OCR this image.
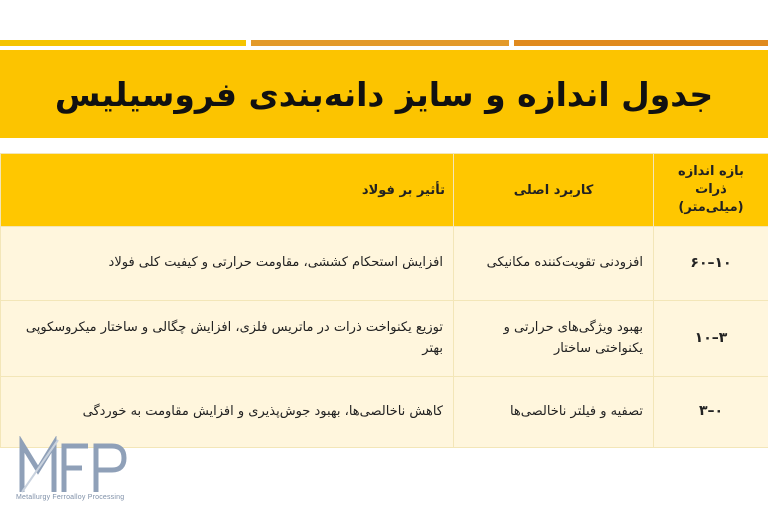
جدول اندازه و سایز دانه‌بندی فروسیلیس
بازه اندازه ذرات (میلی‌متر)	کاربرد اصلی	تأثیر بر فولاد
۱۰–۶۰	افزودنی تقویت‌کننده مکانیکی	افزایش استحکام کششی، مقاومت حرارتی و کیفیت کلی فولاد
۳–۱۰	بهبود ویژگی‌های حرارتی و یکنواختی ساختار	توزیع یکنواخت ذرات در ماتریس فلزی، افزایش چگالی و ساختار میکروسکوپی بهتر
۰–۳	تصفیه و فیلتر ناخالصی‌ها	کاهش ناخالصی‌ها، بهبود جوش‌پذیری و افزایش مقاومت به خوردگی
Metallurgy Ferroalloy Processing
